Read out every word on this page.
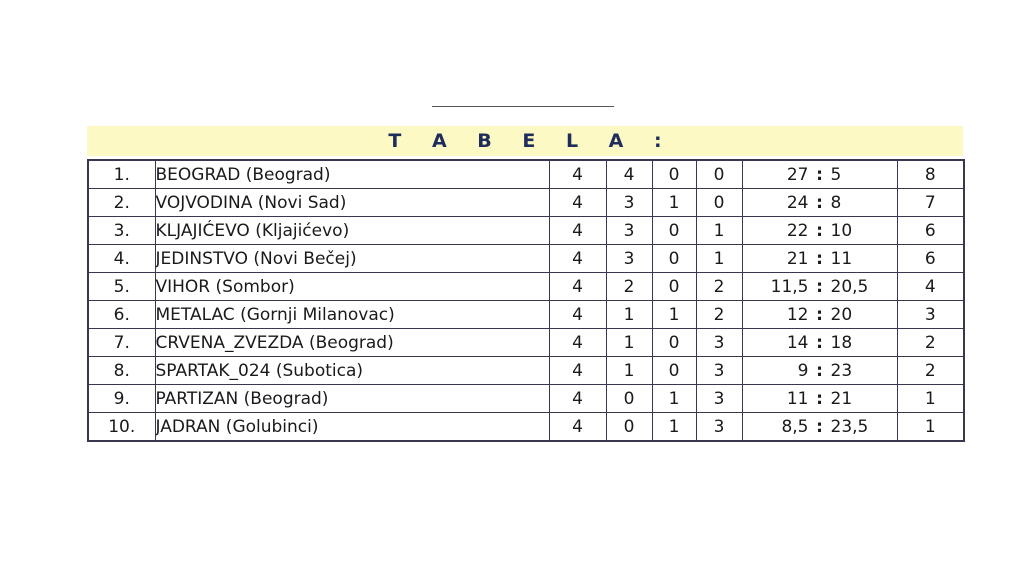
T A B E L A :
1.	BEOGRAD (Beograd)	4	4	0	0	27 : 5	8
2.	VOJVODINA (Novi Sad)	4	3	1	0	24 : 8	7
3.	KLJAJIĆEVO (Kljajićevo)	4	3	0	1	22 : 10	6
4.	JEDINSTVO (Novi Bečej)	4	3	0	1	21 : 11	6
5.	VIHOR (Sombor)	4	2	0	2	11,5 : 20,5	4
6.	METALAC (Gornji Milanovac)	4	1	1	2	12 : 20	3
7.	CRVENA_ZVEZDA (Beograd)	4	1	0	3	14 : 18	2
8.	SPARTAK_024 (Subotica)	4	1	0	3	9 : 23	2
9.	PARTIZAN (Beograd)	4	0	1	3	11 : 21	1
10.	JADRAN (Golubinci)	4	0	1	3	8,5 : 23,5	1
